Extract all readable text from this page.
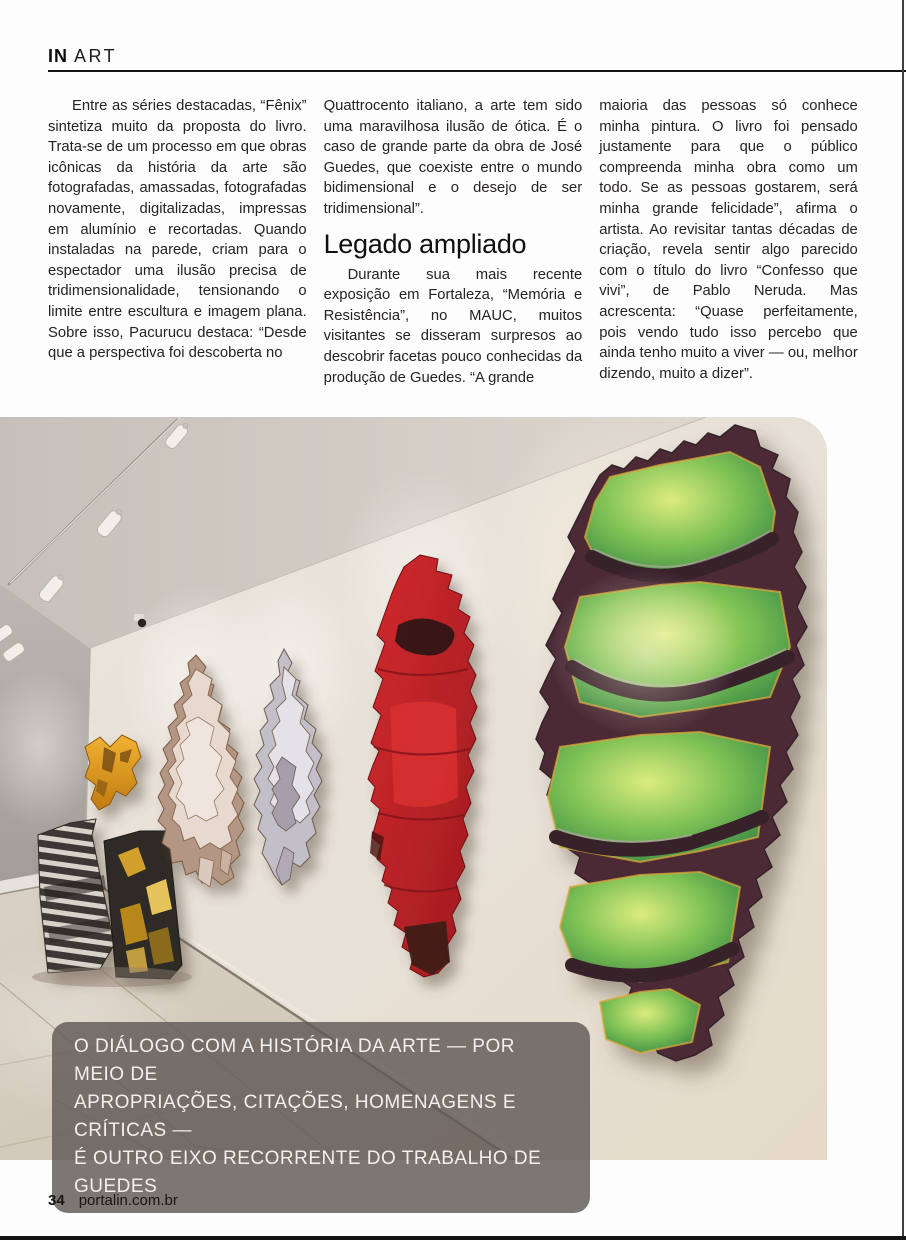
IN ART

Entre as séries destacadas, “Fênix” sintetiza muito da proposta do livro. Trata-se de um processo em que obras icônicas da história da arte são fotografadas, amassadas, fotografadas novamente, digitalizadas, impressas em alumínio e recortadas. Quando instaladas na parede, criam para o espectador uma ilusão precisa de tridimensionalidade, tensionando o limite entre escultura e imagem plana. Sobre isso, Pacurucu destaca: “Desde que a perspectiva foi descoberta no

Quattrocento italiano, a arte tem sido uma maravilhosa ilusão de ótica. É o caso de grande parte da obra de José Guedes, que coexiste entre o mundo bidimensional e o desejo de ser tridimensional”.

Legado ampliado

Durante sua mais recente exposição em Fortaleza, “Memória e Resistência”, no MAUC, muitos visitantes se disseram surpresos ao descobrir facetas pouco conhecidas da produção de Guedes. “A grande

maioria das pessoas só conhece minha pintura. O livro foi pensado justamente para que o público compreenda minha obra como um todo. Se as pessoas gostarem, será minha grande felicidade”, afirma o artista. Ao revisitar tantas décadas de criação, revela sentir algo parecido com o título do livro “Confesso que vivi”, de Pablo Neruda. Mas acrescenta: “Quase perfeitamente, pois vendo tudo isso percebo que ainda tenho muito a viver — ou, melhor dizendo, muito a dizer”.

O DIÁLOGO COM A HISTÓRIA DA ARTE — POR MEIO DE
APROPRIAÇÕES, CITAÇÕES, HOMENAGENS E CRÍTICAS —
É OUTRO EIXO RECORRENTE DO TRABALHO DE GUEDES
34 portalin.com.br
